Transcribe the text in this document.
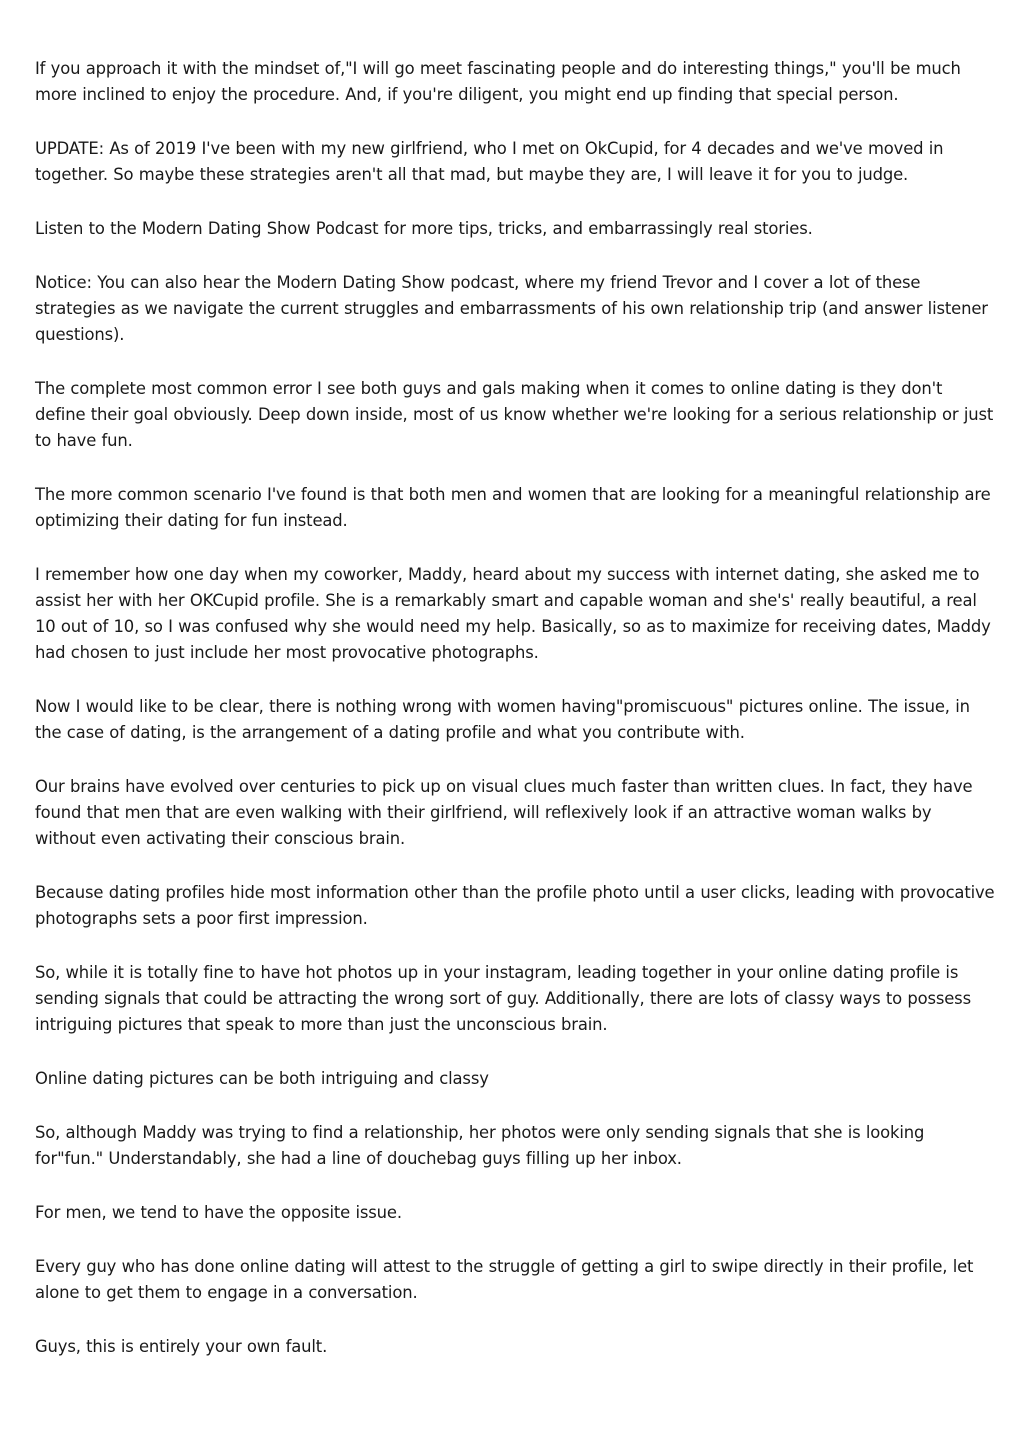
If you approach it with the mindset of,"I will go meet fascinating people and do interesting things," you'll be much more inclined to enjoy the procedure. And, if you're diligent, you might end up finding that special person.

UPDATE: As of 2019 I've been with my new girlfriend, who I met on OkCupid, for 4 decades and we've moved in together. So maybe these strategies aren't all that mad, but maybe they are, I will leave it for you to judge.

Listen to the Modern Dating Show Podcast for more tips, tricks, and embarrassingly real stories.

Notice: You can also hear the Modern Dating Show podcast, where my friend Trevor and I cover a lot of these strategies as we navigate the current struggles and embarrassments of his own relationship trip (and answer listener questions).

The complete most common error I see both guys and gals making when it comes to online dating is they don't define their goal obviously. Deep down inside, most of us know whether we're looking for a serious relationship or just to have fun.

The more common scenario I've found is that both men and women that are looking for a meaningful relationship are optimizing their dating for fun instead.

I remember how one day when my coworker, Maddy, heard about my success with internet dating, she asked me to assist her with her OKCupid profile. She is a remarkably smart and capable woman and she's' really beautiful, a real 10 out of 10, so I was confused why she would need my help. Basically, so as to maximize for receiving dates, Maddy had chosen to just include her most provocative photographs.

Now I would like to be clear, there is nothing wrong with women having"promiscuous" pictures online. The issue, in the case of dating, is the arrangement of a dating profile and what you contribute with.

Our brains have evolved over centuries to pick up on visual clues much faster than written clues. In fact, they have found that men that are even walking with their girlfriend, will reflexively look if an attractive woman walks by without even activating their conscious brain.

Because dating profiles hide most information other than the profile photo until a user clicks, leading with provocative photographs sets a poor first impression.

So, while it is totally fine to have hot photos up in your instagram, leading together in your online dating profile is sending signals that could be attracting the wrong sort of guy. Additionally, there are lots of classy ways to possess intriguing pictures that speak to more than just the unconscious brain.

Online dating pictures can be both intriguing and classy

So, although Maddy was trying to find a relationship, her photos were only sending signals that she is looking for"fun." Understandably, she had a line of douchebag guys filling up her inbox.

For men, we tend to have the opposite issue.

Every guy who has done online dating will attest to the struggle of getting a girl to swipe directly in their profile, let alone to get them to engage in a conversation.

Guys, this is entirely your own fault.
